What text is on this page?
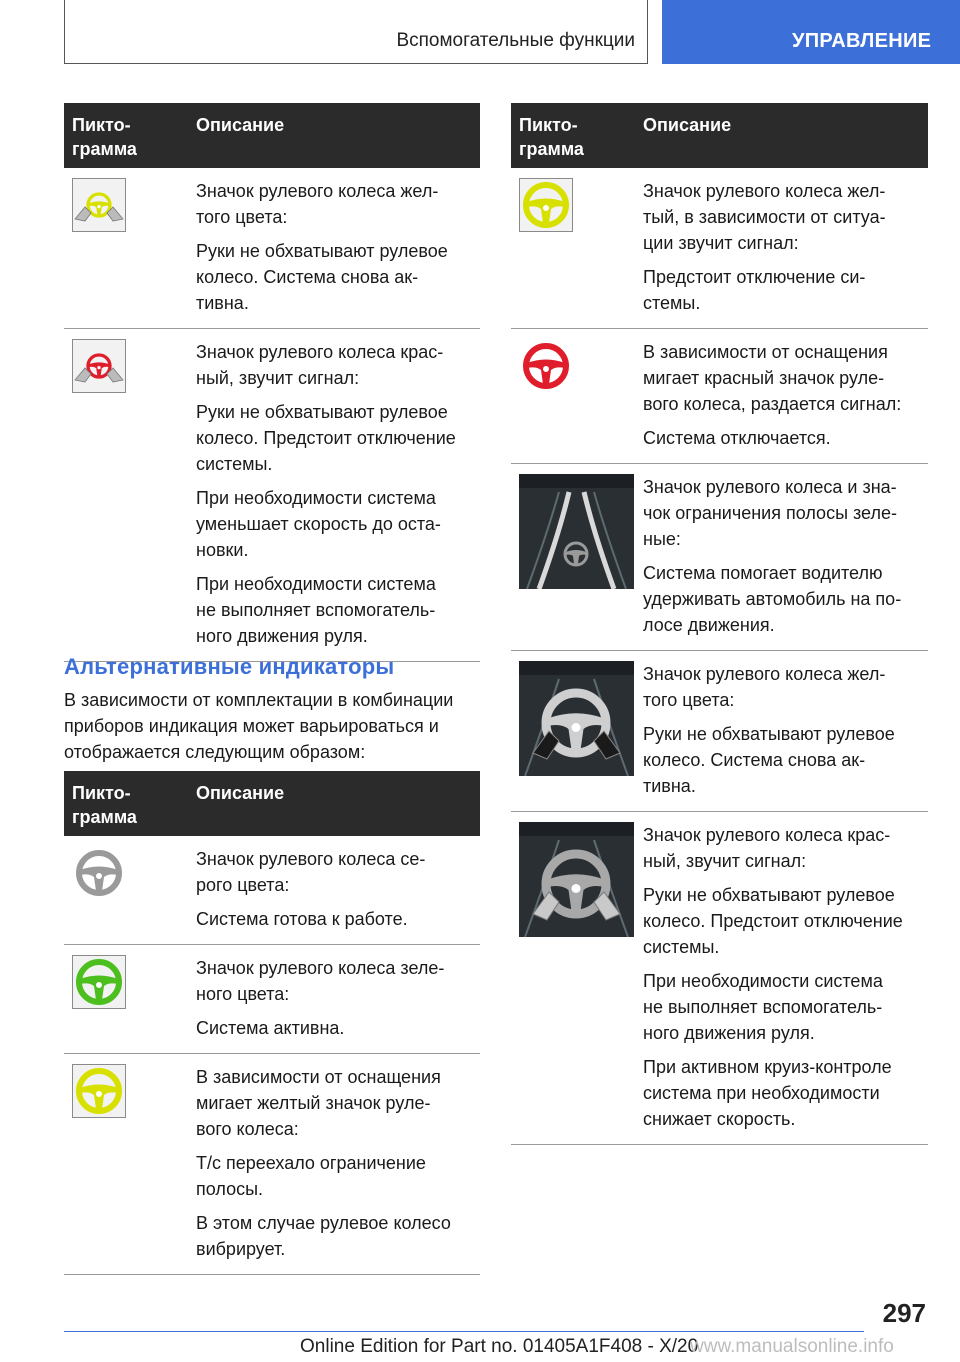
Вспомогательные функции	УПРАВЛЕНИЕ
Пикто-
грамма
Описание

Значок рулевого колеса жел-
того цвета:

Руки не обхватывают рулевое
колесо. Система снова ак-
тивна.

Значок рулевого колеса крас-
ный, звучит сигнал:

Руки не обхватывают рулевое
колесо. Предстоит отключение
системы.

При необходимости система
уменьшает скорость до оста-
новки.

При необходимости система
не выполняет вспомогатель-
ного движения руля.

Альтернативные индикаторы
В зависимости от комплектации в комбинации
приборов индикация может варьироваться и
отображается следующим образом:
Пикто-
грамма
Описание

Значок рулевого колеса се-
рого цвета:

Система готова к работе.

Значок рулевого колеса зеле-
ного цвета:

Система активна.

В зависимости от оснащения
мигает желтый значок руле-
вого колеса:

Т/с переехало ограничение
полосы.

В этом случае рулевое колесо
вибрирует.

Пикто-
грамма
Описание

Значок рулевого колеса жел-
тый, в зависимости от ситуа-
ции звучит сигнал:

Предстоит отключение си-
стемы.

В зависимости от оснащения
мигает красный значок руле-
вого колеса, раздается сигнал:

Система отключается.

Значок рулевого колеса и зна-
чок ограничения полосы зеле-
ные:

Система помогает водителю
удерживать автомобиль на по-
лосе движения.

Значок рулевого колеса жел-
того цвета:

Руки не обхватывают рулевое
колесо. Система снова ак-
тивна.

Значок рулевого колеса крас-
ный, звучит сигнал:

Руки не обхватывают рулевое
колесо. Предстоит отключение
системы.

При необходимости система
не выполняет вспомогатель-
ного движения руля.

При активном круиз-контроле
система при необходимости
снижает скорость.

297
Online Edition for Part no. 01405A1F408 - X/20
www.manualsonline.info
